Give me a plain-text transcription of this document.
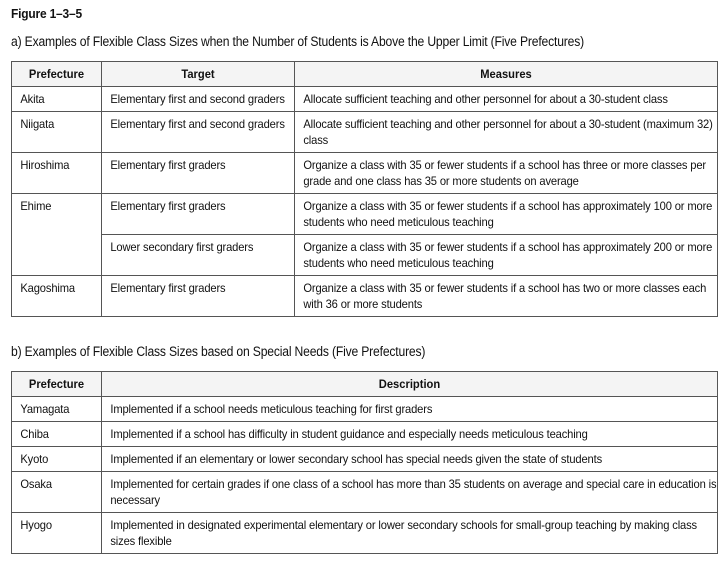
Figure 1–3–5
a) Examples of Flexible Class Sizes when the Number of Students is Above the Upper Limit (Five Prefectures)
Prefecture	Target	Measures

Akita	Elementary first and second graders	Allocate sufficient teaching and other personnel for about a 30-student class

Niigata	Elementary first and second graders	Allocate sufficient teaching and other personnel for about a 30-student (maximum 32) class

Hiroshima	Elementary first graders	Organize a class with 35 or fewer students if a school has three or more classes per grade and one class has 35 or more students on average

Ehime	Elementary first graders	Organize a class with 35 or fewer students if a school has approximately 100 or more students who need meticulous teaching

	Lower secondary first graders	Organize a class with 35 or fewer students if a school has approximately 200 or more students who need meticulous teaching

Kagoshima	Elementary first graders	Organize a class with 35 or fewer students if a school has two or more classes each with 36 or more students
b) Examples of Flexible Class Sizes based on Special Needs (Five Prefectures)
Prefecture	Description

Yamagata	Implemented if a school needs meticulous teaching for first graders

Chiba	Implemented if a school has difficulty in student guidance and especially needs meticulous teaching

Kyoto	Implemented if an elementary or lower secondary school has special needs given the state of students

Osaka	Implemented for certain grades if one class of a school has more than 35 students on average and special care in education is necessary

Hyogo	Implemented in designated experimental elementary or lower secondary schools for small-group teaching by making class sizes flexible
